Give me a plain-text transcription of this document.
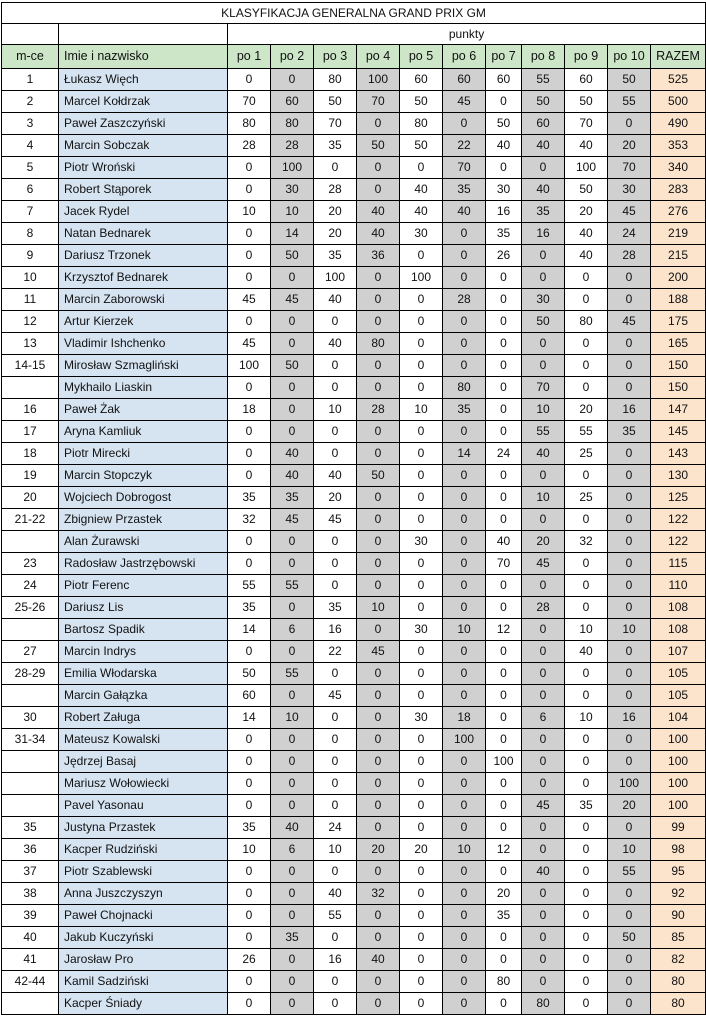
KLASYFIKACJA GENERALNA GRAND PRIX GM												
		punkty										
m-ce	Imie i nazwisko	po 1	po 2	po 3	po 4	po 5	po 6	po 7	po 8	po 9	po 10	RAZEM
1	Łukasz Więch	0	0	80	100	60	60	60	55	60	50	525
2	Marcel Kołdrzak	70	60	50	70	50	45	0	50	50	55	500
3	Paweł Zaszczyński	80	80	70	0	80	0	50	60	70	0	490
4	Marcin Sobczak	28	28	35	50	50	22	40	40	40	20	353
5	Piotr Wroński	0	100	0	0	0	70	0	0	100	70	340
6	Robert Stąporek	0	30	28	0	40	35	30	40	50	30	283
7	Jacek Rydel	10	10	20	40	40	40	16	35	20	45	276
8	Natan Bednarek	0	14	20	40	30	0	35	16	40	24	219
9	Dariusz Trzonek	0	50	35	36	0	0	26	0	40	28	215
10	Krzysztof Bednarek	0	0	100	0	100	0	0	0	0	0	200
11	Marcin Zaborowski	45	45	40	0	0	28	0	30	0	0	188
12	Artur Kierzek	0	0	0	0	0	0	0	50	80	45	175
13	Vladimir Ishchenko	45	0	40	80	0	0	0	0	0	0	165
14-15	Mirosław Szmagliński	100	50	0	0	0	0	0	0	0	0	150
	Mykhailo Liaskin	0	0	0	0	0	80	0	70	0	0	150
16	Paweł Żak	18	0	10	28	10	35	0	10	20	16	147
17	Aryna Kamliuk	0	0	0	0	0	0	0	55	55	35	145
18	Piotr Mirecki	0	40	0	0	0	14	24	40	25	0	143
19	Marcin Stopczyk	0	40	40	50	0	0	0	0	0	0	130
20	Wojciech Dobrogost	35	35	20	0	0	0	0	10	25	0	125
21-22	Zbigniew Przastek	32	45	45	0	0	0	0	0	0	0	122
	Alan Żurawski	0	0	0	0	30	0	40	20	32	0	122
23	Radosław Jastrzębowski	0	0	0	0	0	0	70	45	0	0	115
24	Piotr Ferenc	55	55	0	0	0	0	0	0	0	0	110
25-26	Dariusz Lis	35	0	35	10	0	0	0	28	0	0	108
	Bartosz Spadik	14	6	16	0	30	10	12	0	10	10	108
27	Marcin Indrys	0	0	22	45	0	0	0	0	40	0	107
28-29	Emilia Włodarska	50	55	0	0	0	0	0	0	0	0	105
	Marcin Gałązka	60	0	45	0	0	0	0	0	0	0	105
30	Robert Załuga	14	10	0	0	30	18	0	6	10	16	104
31-34	Mateusz Kowalski	0	0	0	0	0	100	0	0	0	0	100
	Jędrzej Basaj	0	0	0	0	0	0	100	0	0	0	100
	Mariusz Wołowiecki	0	0	0	0	0	0	0	0	0	100	100
	Pavel Yasonau	0	0	0	0	0	0	0	45	35	20	100
35	Justyna Przastek	35	40	24	0	0	0	0	0	0	0	99
36	Kacper Rudziński	10	6	10	20	20	10	12	0	0	10	98
37	Piotr Szablewski	0	0	0	0	0	0	0	40	0	55	95
38	Anna Juszczyszyn	0	0	40	32	0	0	20	0	0	0	92
39	Paweł Chojnacki	0	0	55	0	0	0	35	0	0	0	90
40	Jakub Kuczyński	0	35	0	0	0	0	0	0	0	50	85
41	Jarosław Pro	26	0	16	40	0	0	0	0	0	0	82
42-44	Kamil Sadziński	0	0	0	0	0	0	80	0	0	0	80
	Kacper Śniady	0	0	0	0	0	0	0	80	0	0	80
